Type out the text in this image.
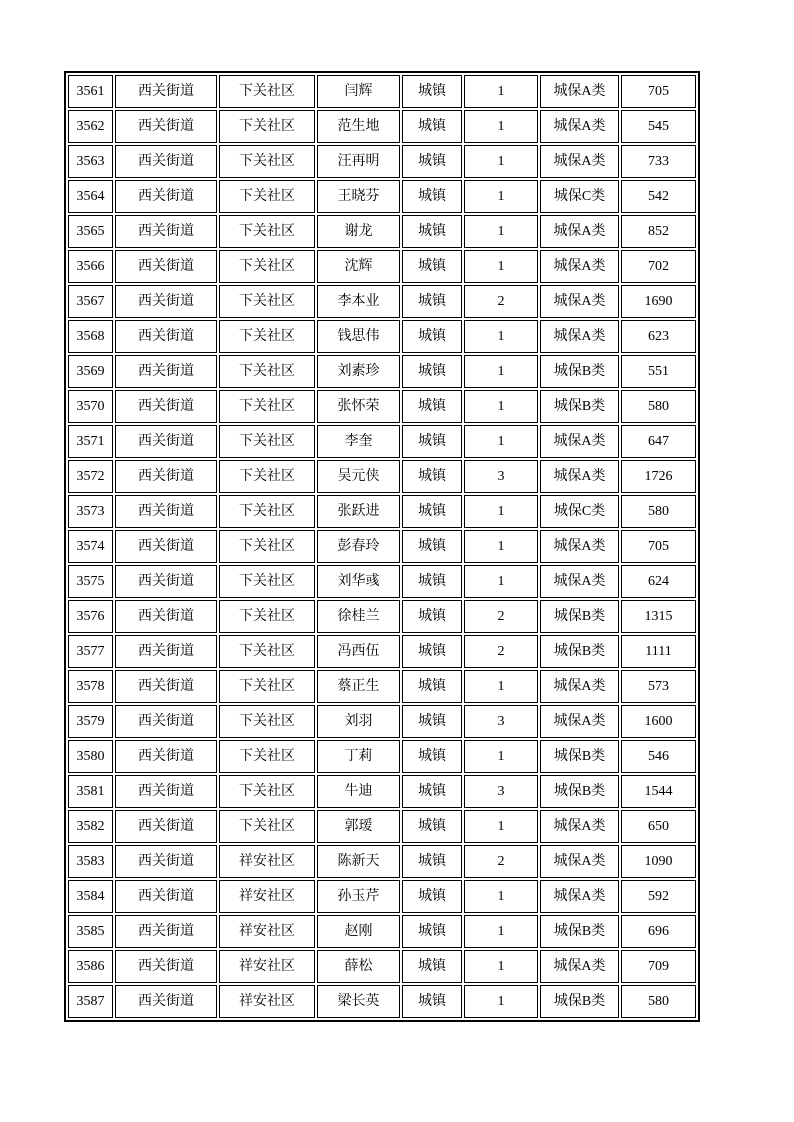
3561	西关街道	下关社区	闫辉	城镇	1	城保A类	705
3562	西关街道	下关社区	范生地	城镇	1	城保A类	545
3563	西关街道	下关社区	汪再明	城镇	1	城保A类	733
3564	西关街道	下关社区	王晓芬	城镇	1	城保C类	542
3565	西关街道	下关社区	谢龙	城镇	1	城保A类	852
3566	西关街道	下关社区	沈辉	城镇	1	城保A类	702
3567	西关街道	下关社区	李本业	城镇	2	城保A类	1690
3568	西关街道	下关社区	钱思伟	城镇	1	城保A类	623
3569	西关街道	下关社区	刘素珍	城镇	1	城保B类	551
3570	西关街道	下关社区	张怀荣	城镇	1	城保B类	580
3571	西关街道	下关社区	李奎	城镇	1	城保A类	647
3572	西关街道	下关社区	吴元侠	城镇	3	城保A类	1726
3573	西关街道	下关社区	张跃进	城镇	1	城保C类	580
3574	西关街道	下关社区	彭春玲	城镇	1	城保A类	705
3575	西关街道	下关社区	刘华彧	城镇	1	城保A类	624
3576	西关街道	下关社区	徐桂兰	城镇	2	城保B类	1315
3577	西关街道	下关社区	冯西伍	城镇	2	城保B类	1111
3578	西关街道	下关社区	蔡正生	城镇	1	城保A类	573
3579	西关街道	下关社区	刘羽	城镇	3	城保A类	1600
3580	西关街道	下关社区	丁莉	城镇	1	城保B类	546
3581	西关街道	下关社区	牛迪	城镇	3	城保B类	1544
3582	西关街道	下关社区	郭瑷	城镇	1	城保A类	650
3583	西关街道	祥安社区	陈新天	城镇	2	城保A类	1090
3584	西关街道	祥安社区	孙玉芹	城镇	1	城保A类	592
3585	西关街道	祥安社区	赵刚	城镇	1	城保B类	696
3586	西关街道	祥安社区	薛松	城镇	1	城保A类	709
3587	西关街道	祥安社区	梁长英	城镇	1	城保B类	580
